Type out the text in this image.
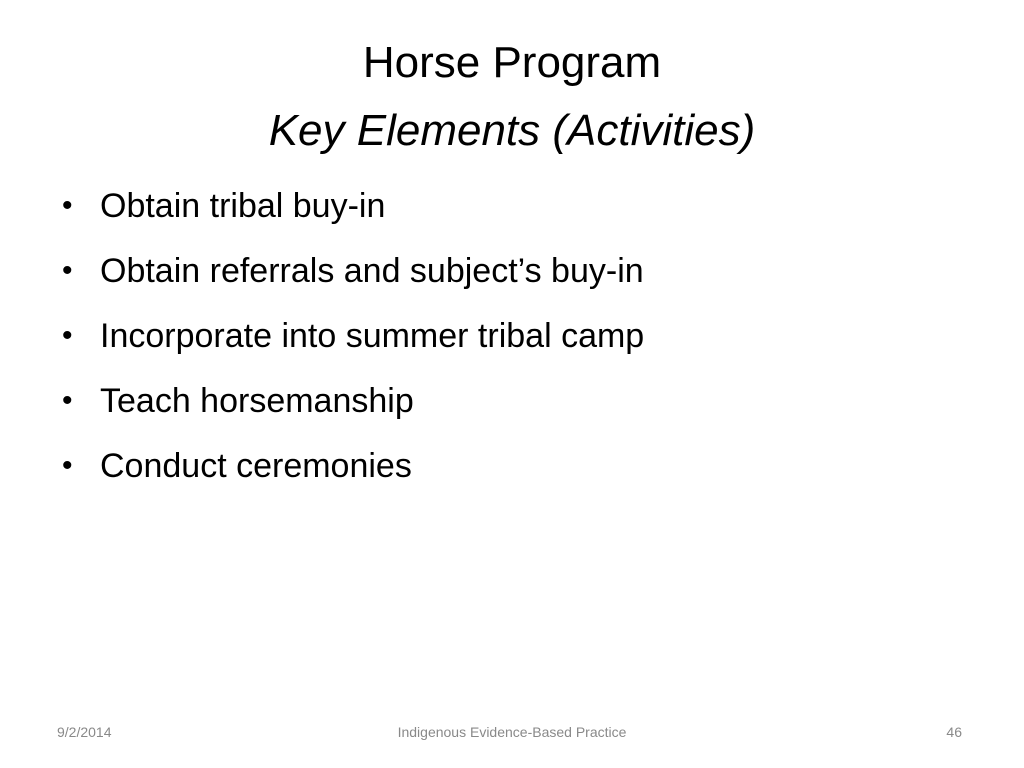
Horse Program
Key Elements (Activities)
• Obtain tribal buy-in
• Obtain referrals and subject’s buy-in
• Incorporate into summer tribal camp
• Teach horsemanship
• Conduct ceremonies
9/2/2014	Indigenous Evidence-Based Practice	46
